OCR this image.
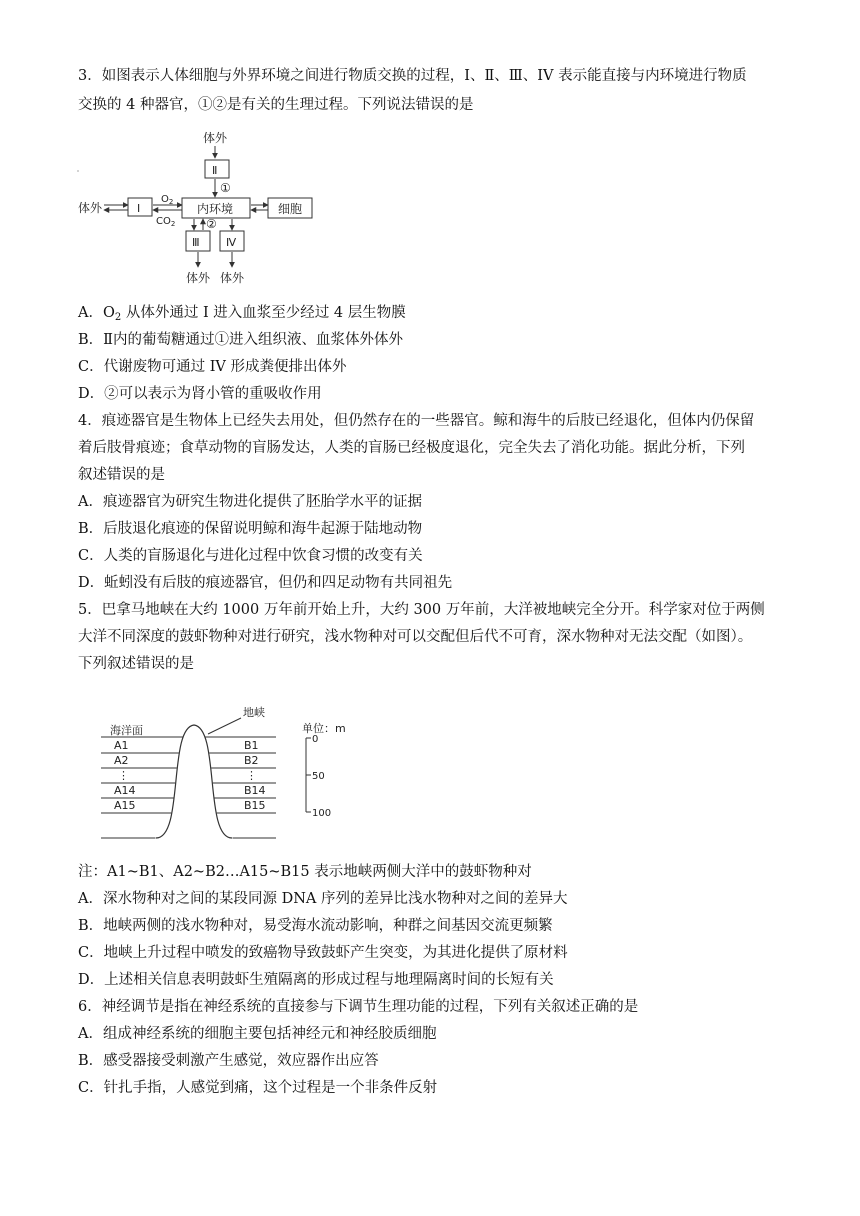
3．如图表示人体细胞与外界环境之间进行物质交换的过程，I、Ⅱ、Ⅲ、IV 表示能直接与内环境进行物质
交换的 4 种器官，①②是有关的生理过程。下列说法错误的是
体外
Ⅱ
①
体外	I
$O_2$
$CO_2$
内环境	细胞
②
Ⅲ Ⅳ
体外 体外
A．$O_2$ 从体外通过 I 进入血浆至少经过 4 层生物膜
B．Ⅱ内的葡萄糖通过①进入组织液、血浆体外体外
C．代谢废物可通过 IV 形成粪便排出体外
D．②可以表示为肾小管的重吸收作用
4．痕迹器官是生物体上已经失去用处，但仍然存在的一些器官。鲸和海牛的后肢已经退化，但体内仍保留
着后肢骨痕迹；食草动物的盲肠发达，人类的盲肠已经极度退化，完全失去了消化功能。据此分析，下列
叙述错误的是
A．痕迹器官为研究生物进化提供了胚胎学水平的证据
B．后肢退化痕迹的保留说明鲸和海牛起源于陆地动物
C．人类的盲肠退化与进化过程中饮食习惯的改变有关
D．蚯蚓没有后肢的痕迹器官，但仍和四足动物有共同祖先
5．巴拿马地峡在大约 1000 万年前开始上升，大约 300 万年前，大洋被地峡完全分开。科学家对位于两侧
大洋不同深度的鼓虾物种对进行研究，浅水物种对可以交配但后代不可育，深水物种对无法交配（如图）。
下列叙述错误的是
地峡
海洋面	单位：m
A1
A2
⋮
A14
A15
B1
B2
⋮
B14
B15
0
50
100
注：A1~B1、A2~B2…A15~B15 表示地峡两侧大洋中的鼓虾物种对
A．深水物种对之间的某段同源 DNA 序列的差异比浅水物种对之间的差异大
B．地峡两侧的浅水物种对，易受海水流动影响，种群之间基因交流更频繁
C．地峡上升过程中喷发的致癌物导致鼓虾产生突变，为其进化提供了原材料
D．上述相关信息表明鼓虾生殖隔离的形成过程与地理隔离时间的长短有关
6．神经调节是指在神经系统的直接参与下调节生理功能的过程，下列有关叙述正确的是
A．组成神经系统的细胞主要包括神经元和神经胶质细胞
B．感受器接受刺激产生感觉，效应器作出应答
C．针扎手指，人感觉到痛，这个过程是一个非条件反射
